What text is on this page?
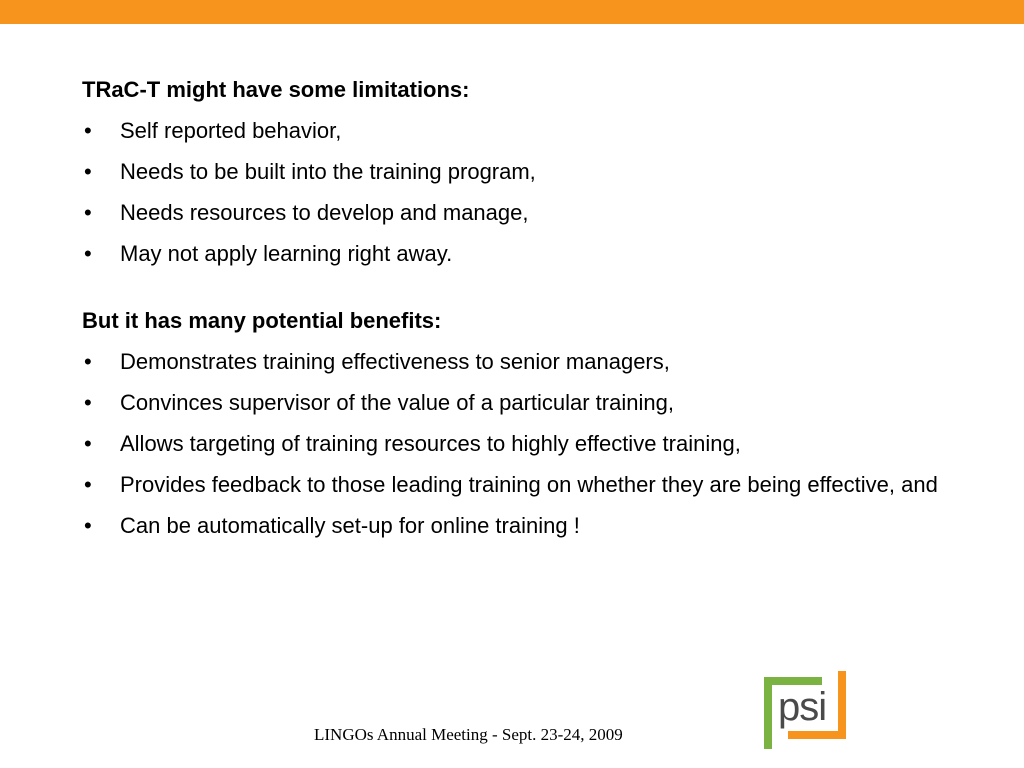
TRaC-T might have some limitations:
• Self reported behavior,
• Needs to be built into the training program,
• Needs resources to develop and manage,
• May not apply learning right away.
But it has many potential benefits:
• Demonstrates training effectiveness to senior managers,
• Convinces supervisor of the value of a particular training,
• Allows targeting of training resources to highly effective training,
• Provides feedback to those leading training on whether they are being effective, and
• Can be automatically set-up for online training !
LINGOs Annual Meeting - Sept. 23-24, 2009
psi
